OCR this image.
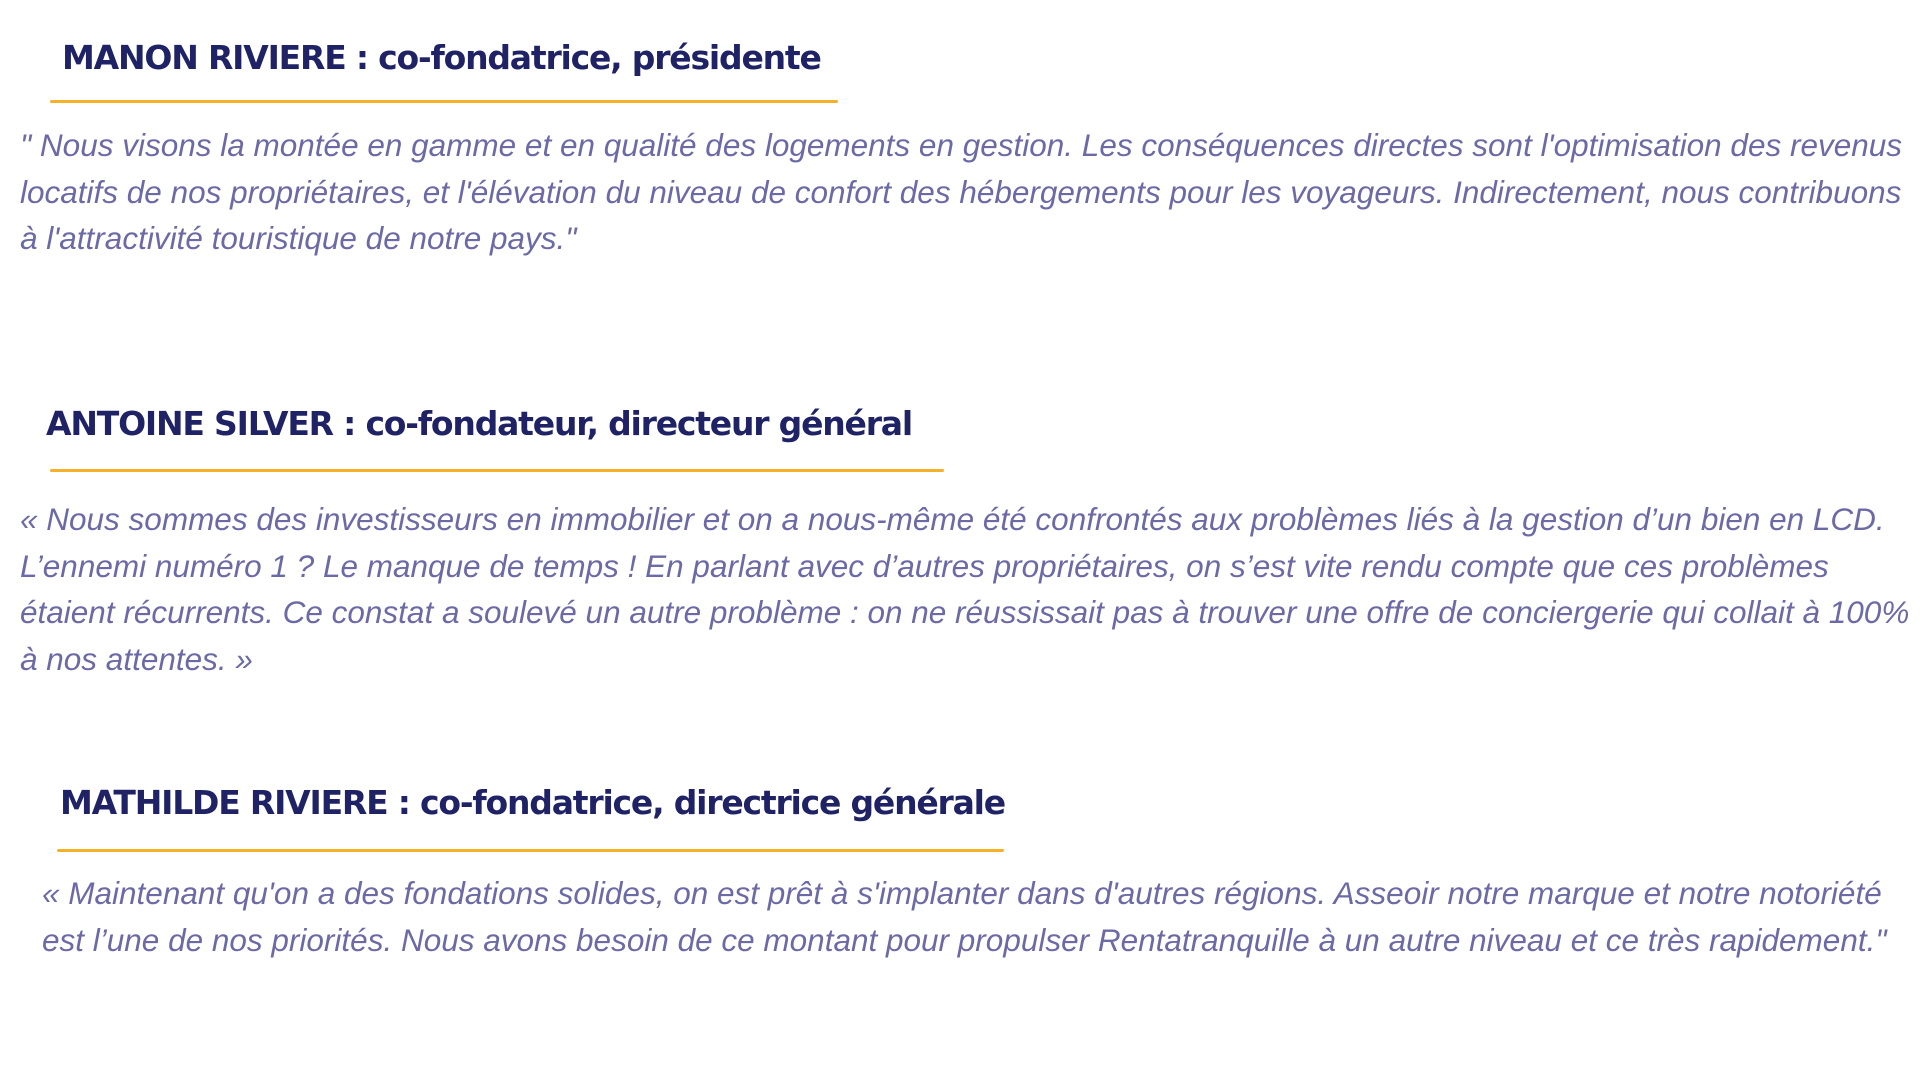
MANON RIVIERE : co-fondatrice, présidente

" Nous visons la montée en gamme et en qualité des logements en gestion. Les conséquences directes sont l'optimisation des revenus locatifs de nos propriétaires, et l'élévation du niveau de confort des hébergements pour les voyageurs. Indirectement, nous contribuons à l'attractivité touristique de notre pays."

ANTOINE SILVER : co-fondateur, directeur général

« Nous sommes des investisseurs en immobilier et on a nous-même été confrontés aux problèmes liés à la gestion d’un bien en LCD. L’ennemi numéro 1 ? Le manque de temps ! En parlant avec d’autres propriétaires, on s’est vite rendu compte que ces problèmes étaient récurrents. Ce constat a soulevé un autre problème : on ne réussissait pas à trouver une offre de conciergerie qui collait à 100% à nos attentes. »

MATHILDE RIVIERE : co-fondatrice, directrice générale

« Maintenant qu'on a des fondations solides, on est prêt à s'implanter dans d'autres régions. Asseoir notre marque et notre notoriété est l’une de nos priorités. Nous avons besoin de ce montant pour propulser Rentatranquille à un autre niveau et ce très rapidement."
